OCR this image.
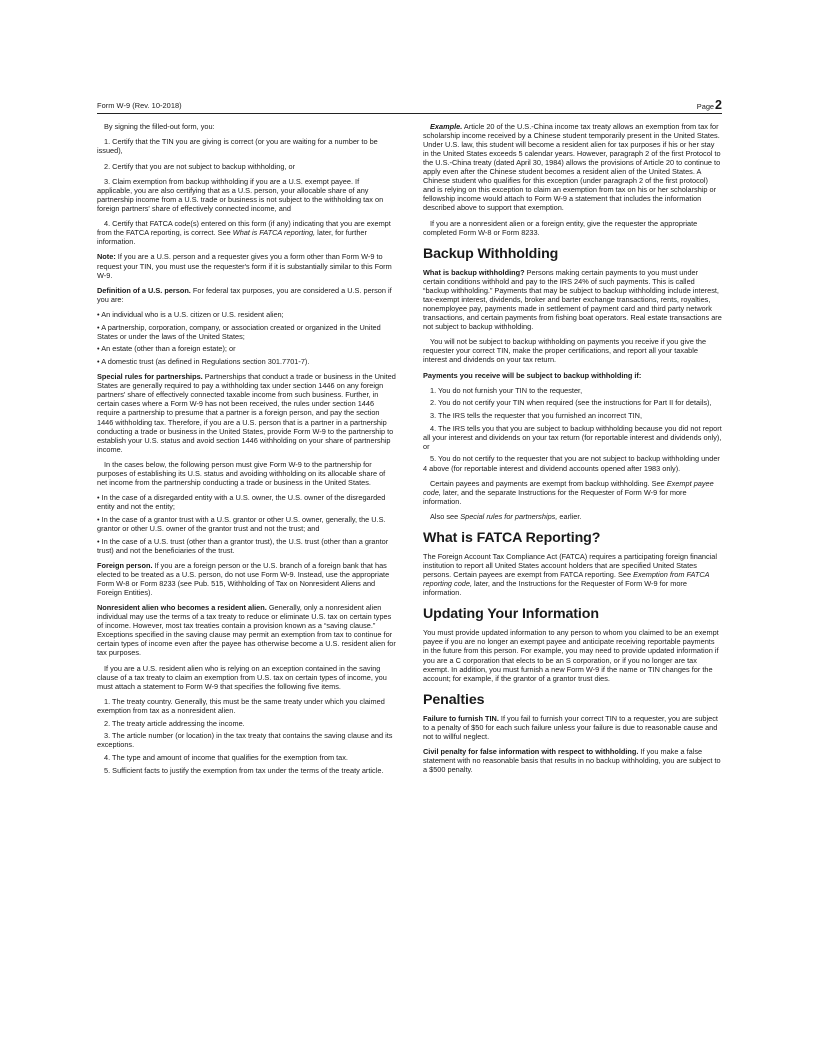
Form W-9 (Rev. 10-2018)	Page2

By signing the filled-out form, you:

1. Certify that the TIN you are giving is correct (or you are waiting for a number to be issued),

2. Certify that you are not subject to backup withholding, or

3. Claim exemption from backup withholding if you are a U.S. exempt payee. If applicable, you are also certifying that as a U.S. person, your allocable share of any partnership income from a U.S. trade or business is not subject to the withholding tax on foreign partners' share of effectively connected income, and

4. Certify that FATCA code(s) entered on this form (if any) indicating that you are exempt from the FATCA reporting, is correct. See What is FATCA reporting, later, for further information.

Note: If you are a U.S. person and a requester gives you a form other than Form W-9 to request your TIN, you must use the requester's form if it is substantially similar to this Form W-9.

Definition of a U.S. person. For federal tax purposes, you are considered a U.S. person if you are:

• An individual who is a U.S. citizen or U.S. resident alien;

• A partnership, corporation, company, or association created or organized in the United States or under the laws of the United States;

• An estate (other than a foreign estate); or

• A domestic trust (as defined in Regulations section 301.7701-7).

Special rules for partnerships. Partnerships that conduct a trade or business in the United States are generally required to pay a withholding tax under section 1446 on any foreign partners' share of effectively connected taxable income from such business. Further, in certain cases where a Form W-9 has not been received, the rules under section 1446 require a partnership to presume that a partner is a foreign person, and pay the section 1446 withholding tax. Therefore, if you are a U.S. person that is a partner in a partnership conducting a trade or business in the United States, provide Form W-9 to the partnership to establish your U.S. status and avoid section 1446 withholding on your share of partnership income.

In the cases below, the following person must give Form W-9 to the partnership for purposes of establishing its U.S. status and avoiding withholding on its allocable share of net income from the partnership conducting a trade or business in the United States.

• In the case of a disregarded entity with a U.S. owner, the U.S. owner of the disregarded entity and not the entity;

• In the case of a grantor trust with a U.S. grantor or other U.S. owner, generally, the U.S. grantor or other U.S. owner of the grantor trust and not the trust; and

• In the case of a U.S. trust (other than a grantor trust), the U.S. trust (other than a grantor trust) and not the beneficiaries of the trust.

Foreign person. If you are a foreign person or the U.S. branch of a foreign bank that has elected to be treated as a U.S. person, do not use Form W-9. Instead, use the appropriate Form W-8 or Form 8233 (see Pub. 515, Withholding of Tax on Nonresident Aliens and Foreign Entities).

Nonresident alien who becomes a resident alien. Generally, only a nonresident alien individual may use the terms of a tax treaty to reduce or eliminate U.S. tax on certain types of income. However, most tax treaties contain a provision known as a “saving clause.” Exceptions specified in the saving clause may permit an exemption from tax to continue for certain types of income even after the payee has otherwise become a U.S. resident alien for tax purposes.

If you are a U.S. resident alien who is relying on an exception contained in the saving clause of a tax treaty to claim an exemption from U.S. tax on certain types of income, you must attach a statement to Form W-9 that specifies the following five items.

1. The treaty country. Generally, this must be the same treaty under which you claimed exemption from tax as a nonresident alien.

2. The treaty article addressing the income.

3. The article number (or location) in the tax treaty that contains the saving clause and its exceptions.

4. The type and amount of income that qualifies for the exemption from tax.

5. Sufficient facts to justify the exemption from tax under the terms of the treaty article.

Example. Article 20 of the U.S.-China income tax treaty allows an exemption from tax for scholarship income received by a Chinese student temporarily present in the United States. Under U.S. law, this student will become a resident alien for tax purposes if his or her stay in the United States exceeds 5 calendar years. However, paragraph 2 of the first Protocol to the U.S.-China treaty (dated April 30, 1984) allows the provisions of Article 20 to continue to apply even after the Chinese student becomes a resident alien of the United States. A Chinese student who qualifies for this exception (under paragraph 2 of the first protocol) and is relying on this exception to claim an exemption from tax on his or her scholarship or fellowship income would attach to Form W-9 a statement that includes the information described above to support that exemption.

If you are a nonresident alien or a foreign entity, give the requester the appropriate completed Form W-8 or Form 8233.

Backup Withholding

What is backup withholding? Persons making certain payments to you must under certain conditions withhold and pay to the IRS 24% of such payments. This is called “backup withholding.” Payments that may be subject to backup withholding include interest, tax-exempt interest, dividends, broker and barter exchange transactions, rents, royalties, nonemployee pay, payments made in settlement of payment card and third party network transactions, and certain payments from fishing boat operators. Real estate transactions are not subject to backup withholding.

You will not be subject to backup withholding on payments you receive if you give the requester your correct TIN, make the proper certifications, and report all your taxable interest and dividends on your tax return.

Payments you receive will be subject to backup withholding if:

1. You do not furnish your TIN to the requester,

2. You do not certify your TIN when required (see the instructions for Part II for details),

3. The IRS tells the requester that you furnished an incorrect TIN,

4. The IRS tells you that you are subject to backup withholding because you did not report all your interest and dividends on your tax return (for reportable interest and dividends only), or

5. You do not certify to the requester that you are not subject to backup withholding under 4 above (for reportable interest and dividend accounts opened after 1983 only).

Certain payees and payments are exempt from backup withholding. See Exempt payee code, later, and the separate Instructions for the Requester of Form W-9 for more information.

Also see Special rules for partnerships, earlier.

What is FATCA Reporting?

The Foreign Account Tax Compliance Act (FATCA) requires a participating foreign financial institution to report all United States account holders that are specified United States persons. Certain payees are exempt from FATCA reporting. See Exemption from FATCA reporting code, later, and the Instructions for the Requester of Form W-9 for more information.

Updating Your Information

You must provide updated information to any person to whom you claimed to be an exempt payee if you are no longer an exempt payee and anticipate receiving reportable payments in the future from this person. For example, you may need to provide updated information if you are a C corporation that elects to be an S corporation, or if you no longer are tax exempt. In addition, you must furnish a new Form W-9 if the name or TIN changes for the account; for example, if the grantor of a grantor trust dies.

Penalties

Failure to furnish TIN. If you fail to furnish your correct TIN to a requester, you are subject to a penalty of $50 for each such failure unless your failure is due to reasonable cause and not to willful neglect.

Civil penalty for false information with respect to withholding. If you make a false statement with no reasonable basis that results in no backup withholding, you are subject to a $500 penalty.
